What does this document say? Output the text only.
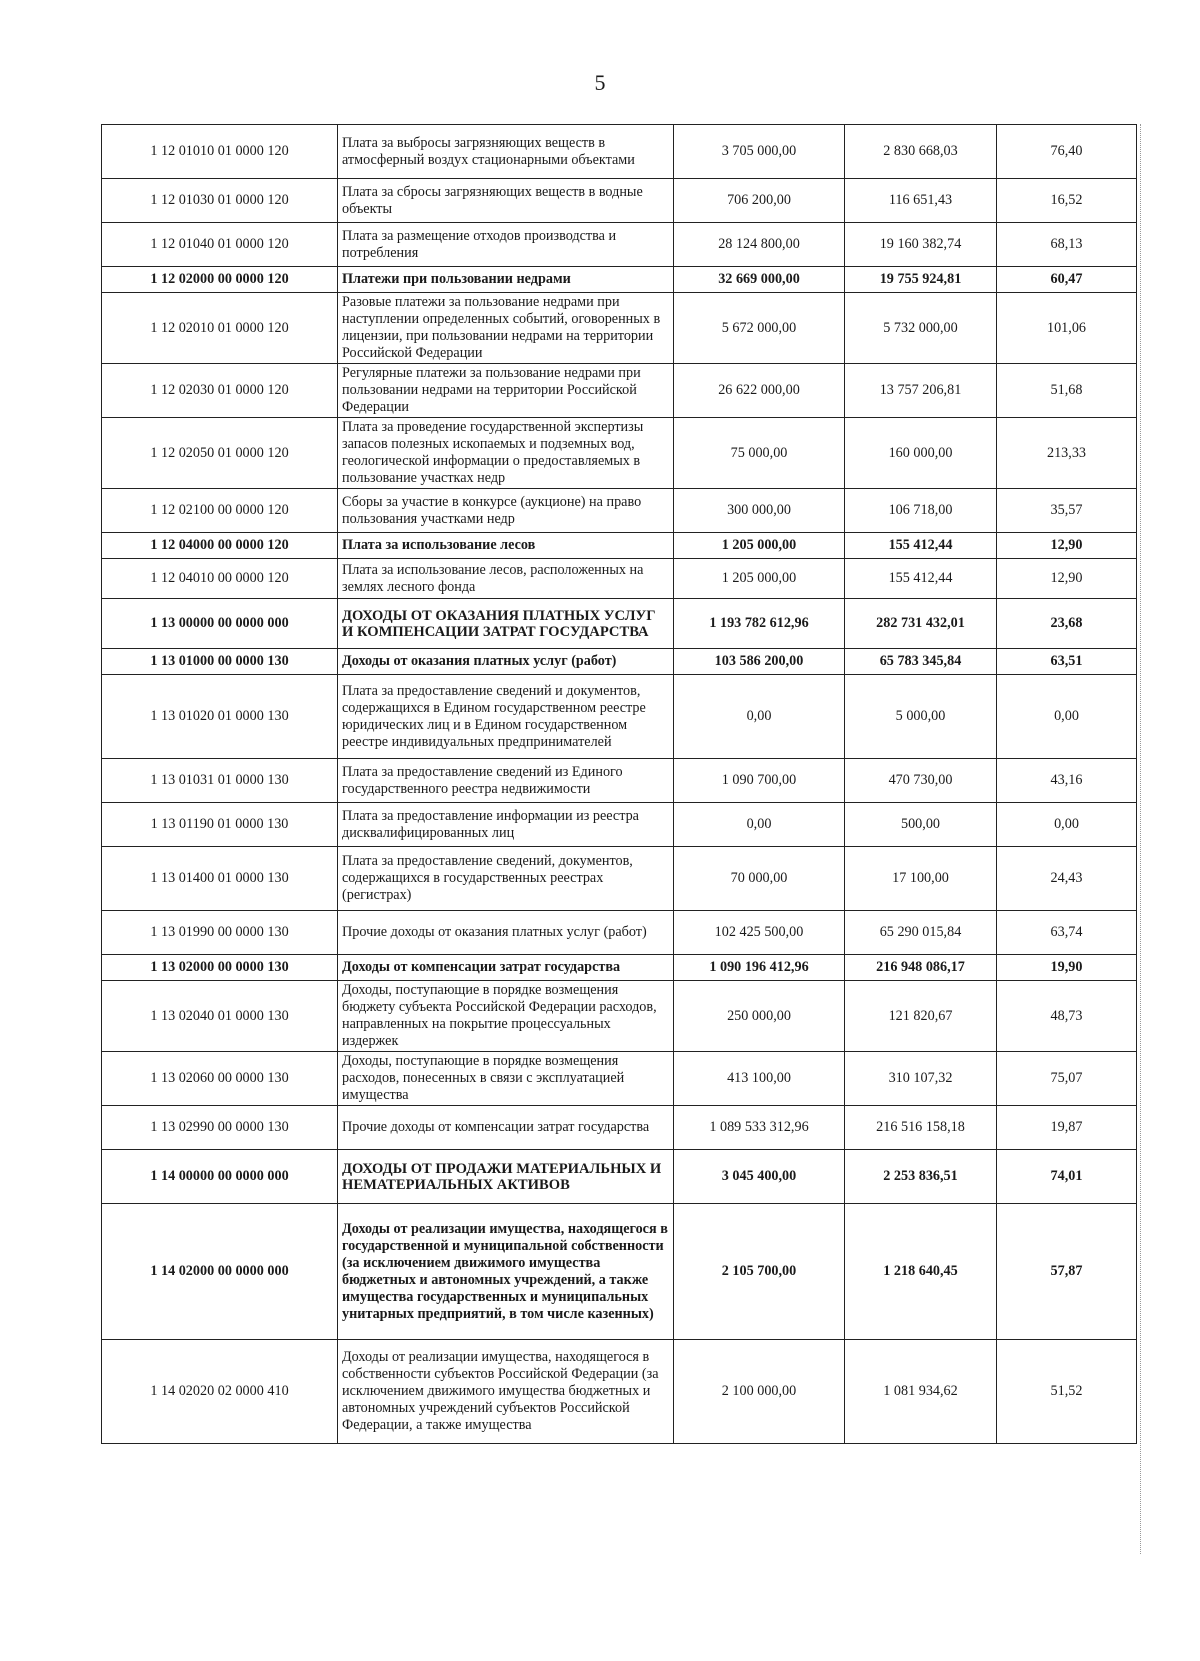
5
1 12 01010 01 0000 120	Плата за выбросы загрязняющих веществ в атмосферный воздух стационарными объектами	3 705 000,00	2 830 668,03	76,40
1 12 01030 01 0000 120	Плата за сбросы загрязняющих веществ в водные объекты	706 200,00	116 651,43	16,52
1 12 01040 01 0000 120	Плата за размещение отходов производства и потребления	28 124 800,00	19 160 382,74	68,13
1 12 02000 00 0000 120	Платежи при пользовании недрами	32 669 000,00	19 755 924,81	60,47
1 12 02010 01 0000 120	Разовые платежи за пользование недрами при наступлении определенных событий, оговоренных в лицензии, при пользовании недрами на территории Российской Федерации	5 672 000,00	5 732 000,00	101,06
1 12 02030 01 0000 120	Регулярные платежи за пользование недрами при пользовании недрами на территории Российской Федерации	26 622 000,00	13 757 206,81	51,68
1 12 02050 01 0000 120	Плата за проведение государственной экспертизы запасов полезных ископаемых и подземных вод, геологической информации о предоставляемых в пользование участках недр	75 000,00	160 000,00	213,33
1 12 02100 00 0000 120	Сборы за участие в конкурсе (аукционе) на право пользования участками недр	300 000,00	106 718,00	35,57
1 12 04000 00 0000 120	Плата за использование лесов	1 205 000,00	155 412,44	12,90
1 12 04010 00 0000 120	Плата за использование лесов, расположенных на землях лесного фонда	1 205 000,00	155 412,44	12,90
1 13 00000 00 0000 000	ДОХОДЫ ОТ ОКАЗАНИЯ ПЛАТНЫХ УСЛУГ И КОМПЕНСАЦИИ ЗАТРАТ ГОСУДАРСТВА	1 193 782 612,96	282 731 432,01	23,68
1 13 01000 00 0000 130	Доходы от оказания платных услуг (работ)	103 586 200,00	65 783 345,84	63,51
1 13 01020 01 0000 130	Плата за предоставление сведений и документов, содержащихся в Едином государственном реестре юридических лиц и в Едином государственном реестре индивидуальных предпринимателей	0,00	5 000,00	0,00
1 13 01031 01 0000 130	Плата за предоставление сведений из Единого государственного реестра недвижимости	1 090 700,00	470 730,00	43,16
1 13 01190 01 0000 130	Плата за предоставление информации из реестра дисквалифицированных лиц	0,00	500,00	0,00
1 13 01400 01 0000 130	Плата за предоставление сведений, документов, содержащихся в государственных реестрах (регистрах)	70 000,00	17 100,00	24,43
1 13 01990 00 0000 130	Прочие доходы от оказания платных услуг (работ)	102 425 500,00	65 290 015,84	63,74
1 13 02000 00 0000 130	Доходы от компенсации затрат государства	1 090 196 412,96	216 948 086,17	19,90
1 13 02040 01 0000 130	Доходы, поступающие в порядке возмещения бюджету субъекта Российской Федерации расходов, направленных на покрытие процессуальных издержек	250 000,00	121 820,67	48,73
1 13 02060 00 0000 130	Доходы, поступающие в порядке возмещения расходов, понесенных в связи с эксплуатацией имущества	413 100,00	310 107,32	75,07
1 13 02990 00 0000 130	Прочие доходы от компенсации затрат государства	1 089 533 312,96	216 516 158,18	19,87
1 14 00000 00 0000 000	ДОХОДЫ ОТ ПРОДАЖИ МАТЕРИАЛЬНЫХ И НЕМАТЕРИАЛЬНЫХ АКТИВОВ	3 045 400,00	2 253 836,51	74,01
1 14 02000 00 0000 000	Доходы от реализации имущества, находящегося в государственной и муниципальной собственности (за исключением движимого имущества бюджетных и автономных учреждений, а также имущества государственных и муниципальных унитарных предприятий, в том числе казенных)	2 105 700,00	1 218 640,45	57,87
1 14 02020 02 0000 410	Доходы от реализации имущества, находящегося в собственности субъектов Российской Федерации (за исключением движимого имущества бюджетных и автономных учреждений субъектов Российской Федерации, а также имущества	2 100 000,00	1 081 934,62	51,52
